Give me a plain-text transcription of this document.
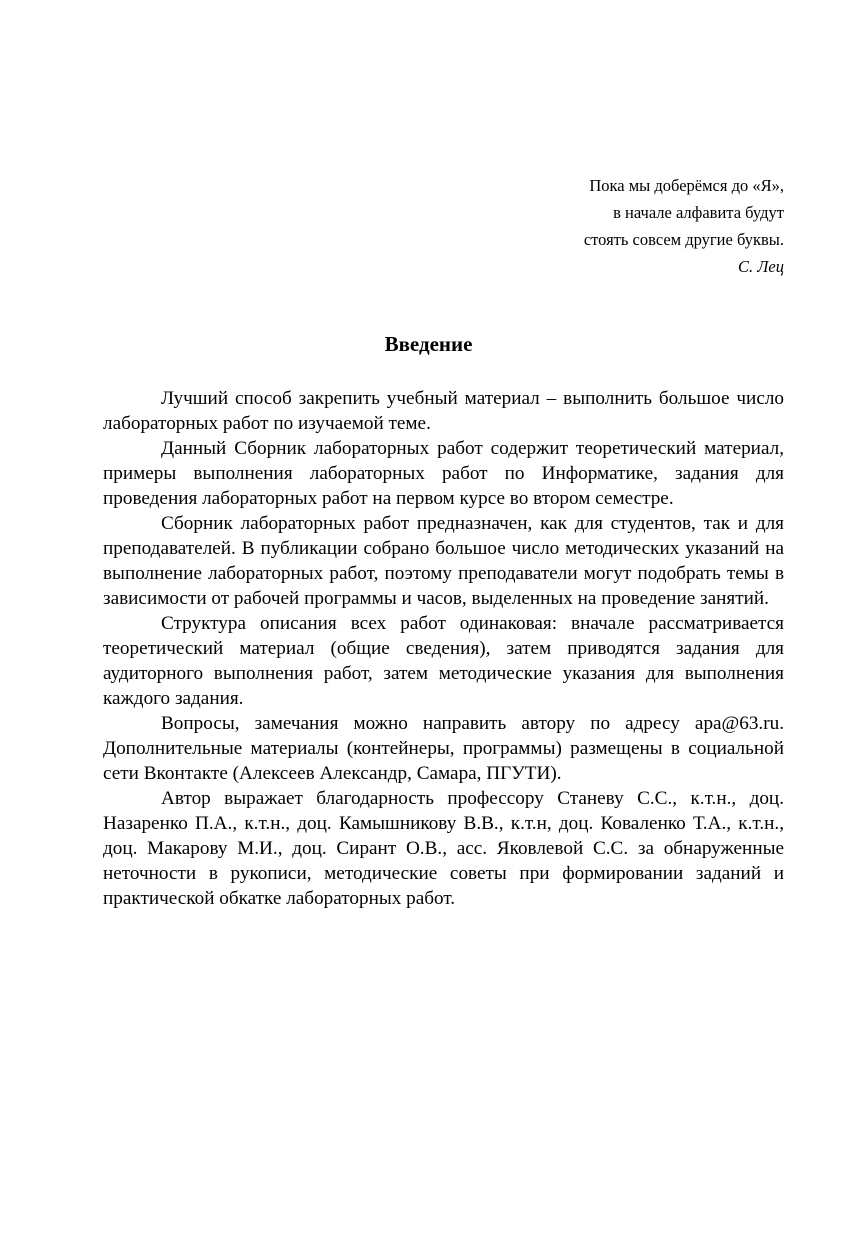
Пока мы доберёмся до «Я»,
в начале алфавита будут
стоять совсем другие буквы.
С. Лец
Введение

Лучший способ закрепить учебный материал – выполнить большое число лабораторных работ по изучаемой теме.

Данный Сборник лабораторных работ содержит теоретический материал, примеры выполнения лабораторных работ по Информатике, задания для проведения лабораторных работ на первом курсе во втором семестре.

Сборник лабораторных работ предназначен, как для студентов, так и для преподавателей. В публикации собрано большое число методических указаний на выполнение лабораторных работ, поэтому преподаватели могут подобрать темы в зависимости от рабочей программы и часов, выделенных на проведение занятий.

Структура описания всех работ одинаковая: вначале рассматривается теоретический материал (общие сведения), затем приводятся задания для аудиторного выполнения работ, затем методические указания для выполнения каждого задания.

Вопросы, замечания можно направить автору по адресу apa@63.ru. Дополнительные материалы (контейнеры, программы) размещены в социальной сети Вконтакте (Алексеев Александр, Самара, ПГУТИ).

Автор выражает благодарность профессору Станеву С.С., к.т.н., доц. Назаренко П.А., к.т.н., доц. Камышникову В.В., к.т.н, доц. Коваленко Т.А., к.т.н., доц. Макарову М.И., доц. Сирант О.В., асс. Яковлевой С.С. за обнаруженные неточности в рукописи, методические советы при формировании заданий и практической обкатке лабораторных работ.
